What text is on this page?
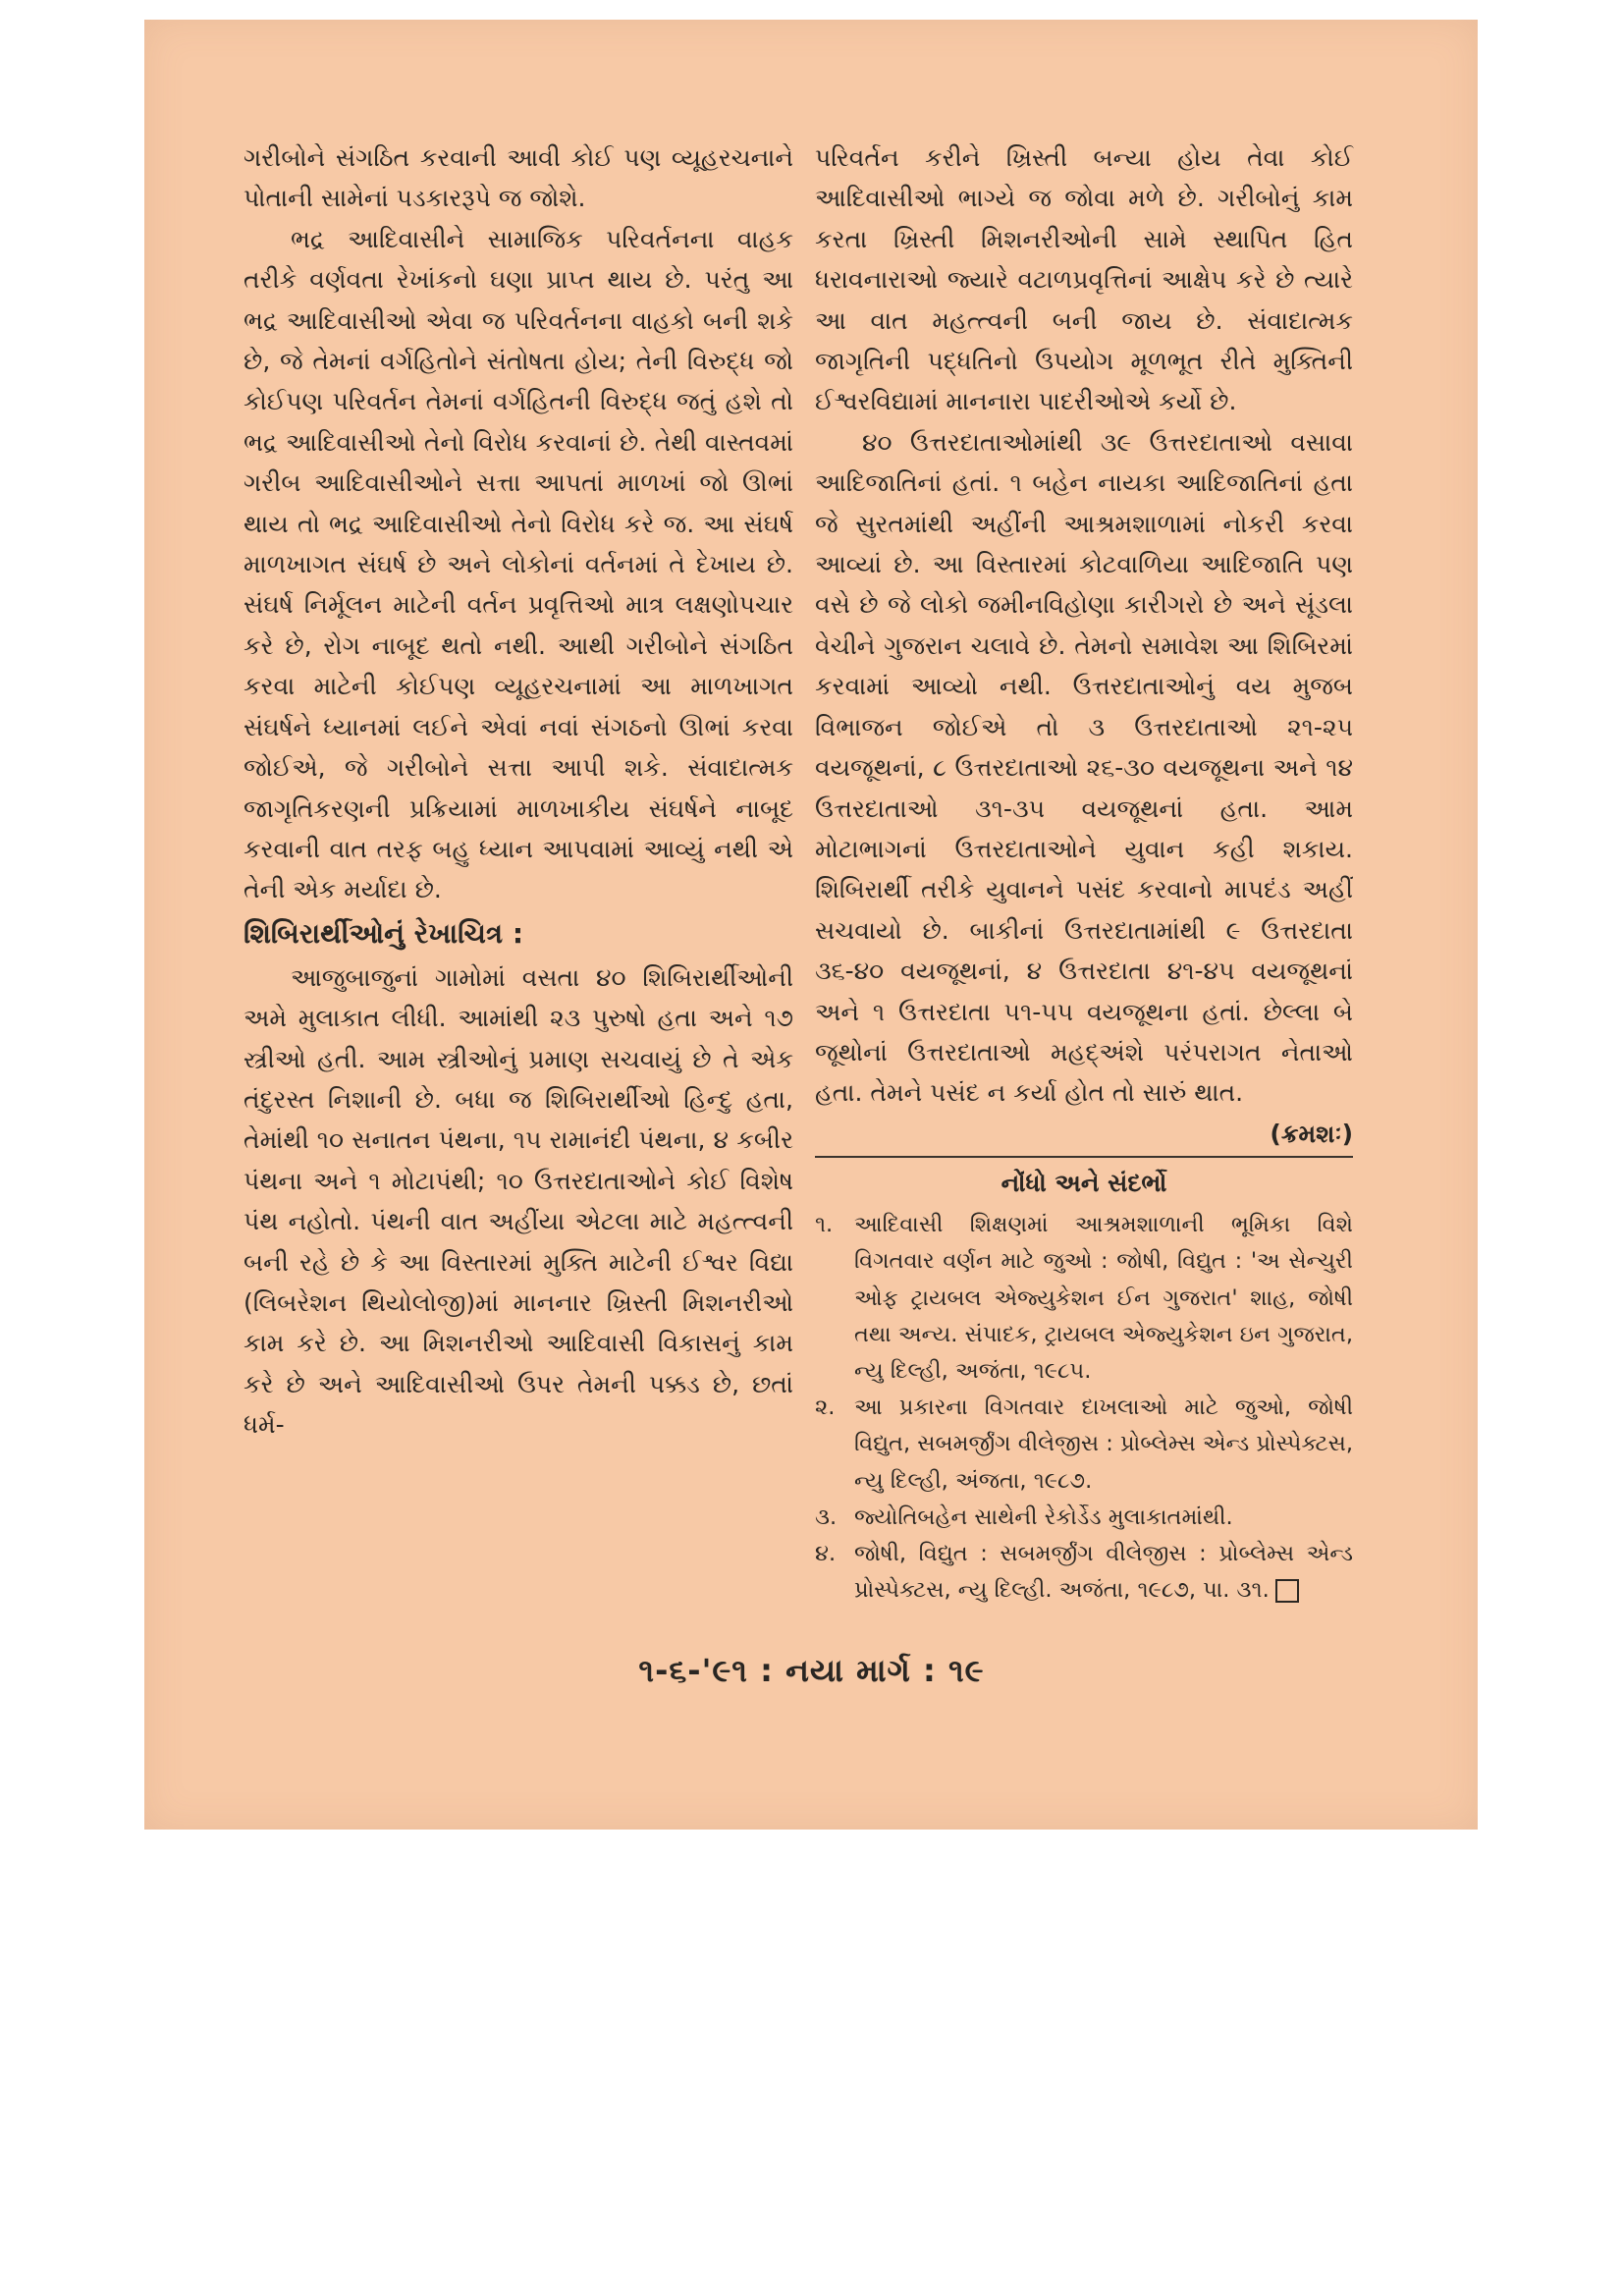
ગરીબોને સંગઠિત કરવાની આવી કોઈ પણ વ્યૂહરચનાને પોતાની સામેનાં પડકારરૂપે જ જોશે.

ભદ્ર આદિવાસીને સામાજિક પરિવર્તનના વાહક તરીકે વર્ણવતા રેખાંકનો ઘણા પ્રાપ્ત થાય છે. પરંતુ આ ભદ્ર આદિવાસીઓ એવા જ પરિવર્તનના વાહકો બની શકે છે, જે તેમનાં વર્ગહિતોને સંતોષતા હોય; તેની વિરુદ્ધ જો કોઈપણ પરિવર્તન તેમનાં વર્ગહિતની વિરુદ્ધ જતું હશે તો ભદ્ર આદિવાસીઓ તેનો વિરોધ કરવાનાં છે. તેથી વાસ્તવમાં ગરીબ આદિવાસીઓને સત્તા આપતાં માળખાં જો ઊભાં થાય તો ભદ્ર આદિવાસીઓ તેનો વિરોધ કરે જ. આ સંઘર્ષ માળખાગત સંઘર્ષ છે અને લોકોનાં વર્તનમાં તે દેખાય છે. સંઘર્ષ નિર્મૂલન માટેની વર્તન પ્રવૃત્તિઓ માત્ર લક્ષણોપચાર કરે છે, રોગ નાબૂદ થતો નથી. આથી ગરીબોને સંગઠિત કરવા માટેની કોઈપણ વ્યૂહરચનામાં આ માળખાગત સંઘર્ષને ધ્યાનમાં લઈને એવાં નવાં સંગઠનો ઊભાં કરવા જોઈએ, જે ગરીબોને સત્તા આપી શકે. સંવાદાત્મક જાગૃતિકરણની પ્રક્રિયામાં માળખાકીય સંઘર્ષને નાબૂદ કરવાની વાત તરફ બહુ ધ્યાન આપવામાં આવ્યું નથી એ તેની એક મર્યાદા છે.

શિબિરાર્થીઓનું રેખાચિત્ર :

આજુબાજુનાં ગામોમાં વસતા ૪૦ શિબિરાર્થીઓની અમે મુલાકાત લીધી. આમાંથી ૨૩ પુરુષો હતા અને ૧૭ સ્ત્રીઓ હતી. આમ સ્ત્રીઓનું પ્રમાણ સચવાયું છે તે એક તંદુરસ્ત નિશાની છે. બધા જ શિબિરાર્થીઓ હિન્દુ હતા, તેમાંથી ૧૦ સનાતન પંથના, ૧૫ રામાનંદી પંથના, ૪ કબીર પંથના અને ૧ મોટાપંથી; ૧૦ ઉત્તરદાતાઓને કોઈ વિશેષ પંથ નહોતો. પંથની વાત અહીંયા એટલા માટે મહત્ત્વની બની રહે છે કે આ વિસ્તારમાં મુક્તિ માટેની ઈશ્વર વિદ્યા (લિબરેશન થિયોલોજી)માં માનનાર ખ્રિસ્તી મિશનરીઓ કામ કરે છે. આ મિશનરીઓ આદિવાસી વિકાસનું કામ કરે છે અને આદિવાસીઓ ઉપર તેમની પક્કડ છે, છતાં ધર્મ-

પરિવર્તન કરીને ખ્રિસ્તી બન્યા હોય તેવા કોઈ આદિવાસીઓ ભાગ્યે જ જોવા મળે છે. ગરીબોનું કામ કરતા ખ્રિસ્તી મિશનરીઓની સામે સ્થાપિત હિત ધરાવનારાઓ જ્યારે વટાળપ્રવૃત્તિનાં આક્ષેપ કરે છે ત્યારે આ વાત મહત્ત્વની બની જાય છે. સંવાદાત્મક જાગૃતિની પદ્ધતિનો ઉપયોગ મૂળભૂત રીતે મુક્તિની ઈશ્વરવિદ્યામાં માનનારા પાદરીઓએ કર્યો છે.

૪૦ ઉત્તરદાતાઓમાંથી ૩૯ ઉત્તરદાતાઓ વસાવા આદિજાતિનાં હતાં. ૧ બહેન નાયકા આદિજાતિનાં હતા જે સુરતમાંથી અહીંની આશ્રમશાળામાં નોકરી કરવા આવ્યાં છે. આ વિસ્તારમાં કોટવાળિયા આદિજાતિ પણ વસે છે જે લોકો જમીનવિહોણા કારીગરો છે અને સૂંડલા વેચીને ગુજરાન ચલાવે છે. તેમનો સમાવેશ આ શિબિરમાં કરવામાં આવ્યો નથી. ઉત્તરદાતાઓનું વય મુજબ વિભાજન જોઈએ તો ૩ ઉત્તરદાતાઓ ૨૧-૨૫ વયજૂથનાં, ૮ ઉત્તરદાતાઓ ૨૬-૩૦ વયજૂથના અને ૧૪ ઉત્તરદાતાઓ ૩૧-૩૫ વયજૂથનાં હતા. આમ મોટાભાગનાં ઉત્તરદાતાઓને યુવાન કહી શકાય. શિબિરાર્થી તરીકે યુવાનને પસંદ કરવાનો માપદંડ અહીં સચવાયો છે. બાકીનાં ઉત્તરદાતામાંથી ૯ ઉત્તરદાતા ૩૬-૪૦ વયજૂથનાં, ૪ ઉત્તરદાતા ૪૧-૪૫ વયજૂથનાં અને ૧ ઉત્તરદાતા ૫૧-૫૫ વયજૂથના હતાં. છેલ્લા બે જૂથોનાં ઉત્તરદાતાઓ મહદ્અંશે પરંપરાગત નેતાઓ હતા. તેમને પસંદ ન કર્યા હોત તો સારું થાત.

(ક્રમશઃ)

નોંધો અને સંદર્ભો

૧. આદિવાસી શિક્ષણમાં આશ્રમશાળાની ભૂમિકા વિશે વિગતવાર વર્ણન માટે જુઓ : જોષી, વિદ્યુત : 'અ સેન્ચુરી ઓફ ટ્રાયબલ એજ્યુકેશન ઈન ગુજરાત' શાહ, જોષી તથા અન્ય. સંપાદક, ટ્રાયબલ એજ્યુકેશન ઇન ગુજરાત, ન્યુ દિલ્હી, અજંતા, ૧૯૮૫.
૨. આ પ્રકારના વિગતવાર દાખલાઓ માટે જુઓ, જોષી વિદ્યુત, સબમર્જીંગ વીલેજીસ : પ્રોબ્લેમ્સ એન્ડ પ્રોસ્પેક્ટસ, ન્યુ દિલ્હી, અંજતા, ૧૯૮૭.
૩. જ્યોતિબહેન સાથેની રેકોર્ડેડ મુલાકાતમાંથી.
૪. જોષી, વિદ્યુત : સબમર્જીંગ વીલેજીસ : પ્રોબ્લેમ્સ એન્ડ પ્રોસ્પેક્ટસ, ન્યુ દિલ્હી. અજંતા, ૧૯૮૭, પા. ૩૧.
૧-૬-'૯૧ : નયા માર્ગ : ૧૯
